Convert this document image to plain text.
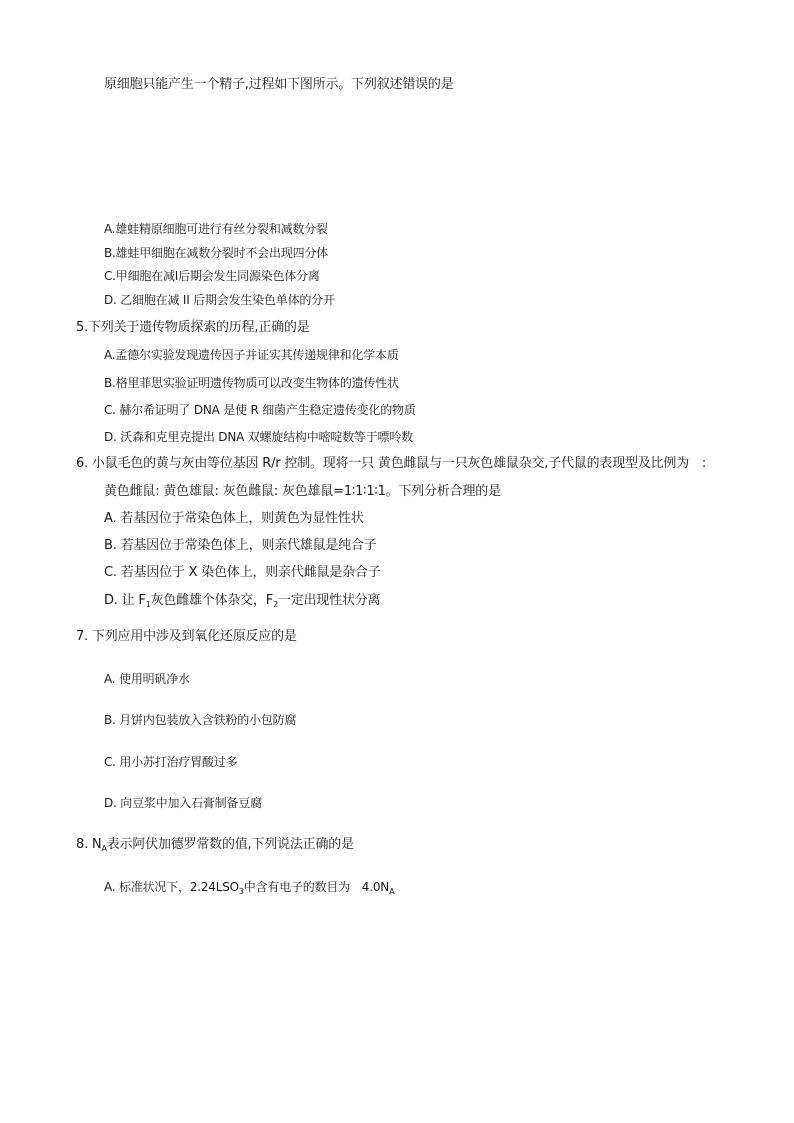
原细胞只能产生一个精子,过程如下图所示。下列叙述错误的是
A.雄蛙精原细胞可进行有丝分裂和减数分裂
B.雄蛙甲细胞在减数分裂时不会出现四分体
C.甲细胞在减I后期会发生同源染色体分离
D. 乙细胞在减 II 后期会发生染色单体的分开
5.下列关于遗传物质探索的历程,正确的是
A.孟德尔实验发现遗传因子并证实其传递规律和化学本质
B.格里菲思实验证明遗传物质可以改变生物体的遗传性状
C. 赫尔希证明了 DNA 是使 R 细菌产生稳定遗传变化的物质
D. 沃森和克里克提出 DNA 双螺旋结构中嘧啶数等于嘌呤数
6. 小鼠毛色的黄与灰由等位基因 R/r 控制。现将一只 黄色雌鼠与一只灰色雄鼠杂交,子代鼠的表现型及比例为　:
黄色雌鼠: 黄色雄鼠: 灰色雌鼠: 灰色雄鼠=1∶1∶1∶1。下列分析合理的是
A. 若基因位于常染色体上，则黄色为显性性状
B. 若基因位于常染色体上，则亲代雄鼠是纯合子
C. 若基因位于 X 染色体上，则亲代雌鼠是杂合子
D. 让 $F_1$灰色雌雄个体杂交，$F_2$一定出现性状分离
7. 下列应用中涉及到氧化还原反应的是
A. 使用明矾净水
B. 月饼内包装放入含铁粉的小包防腐
C. 用小苏打治疗胃酸过多
D. 向豆浆中加入石膏制备豆腐
8. $N_A$表示阿伏加德罗常数的值,下列说法正确的是
A. 标准状况下，$2.24LSO_3$中含有电子的数目为　$4.0N_A$
